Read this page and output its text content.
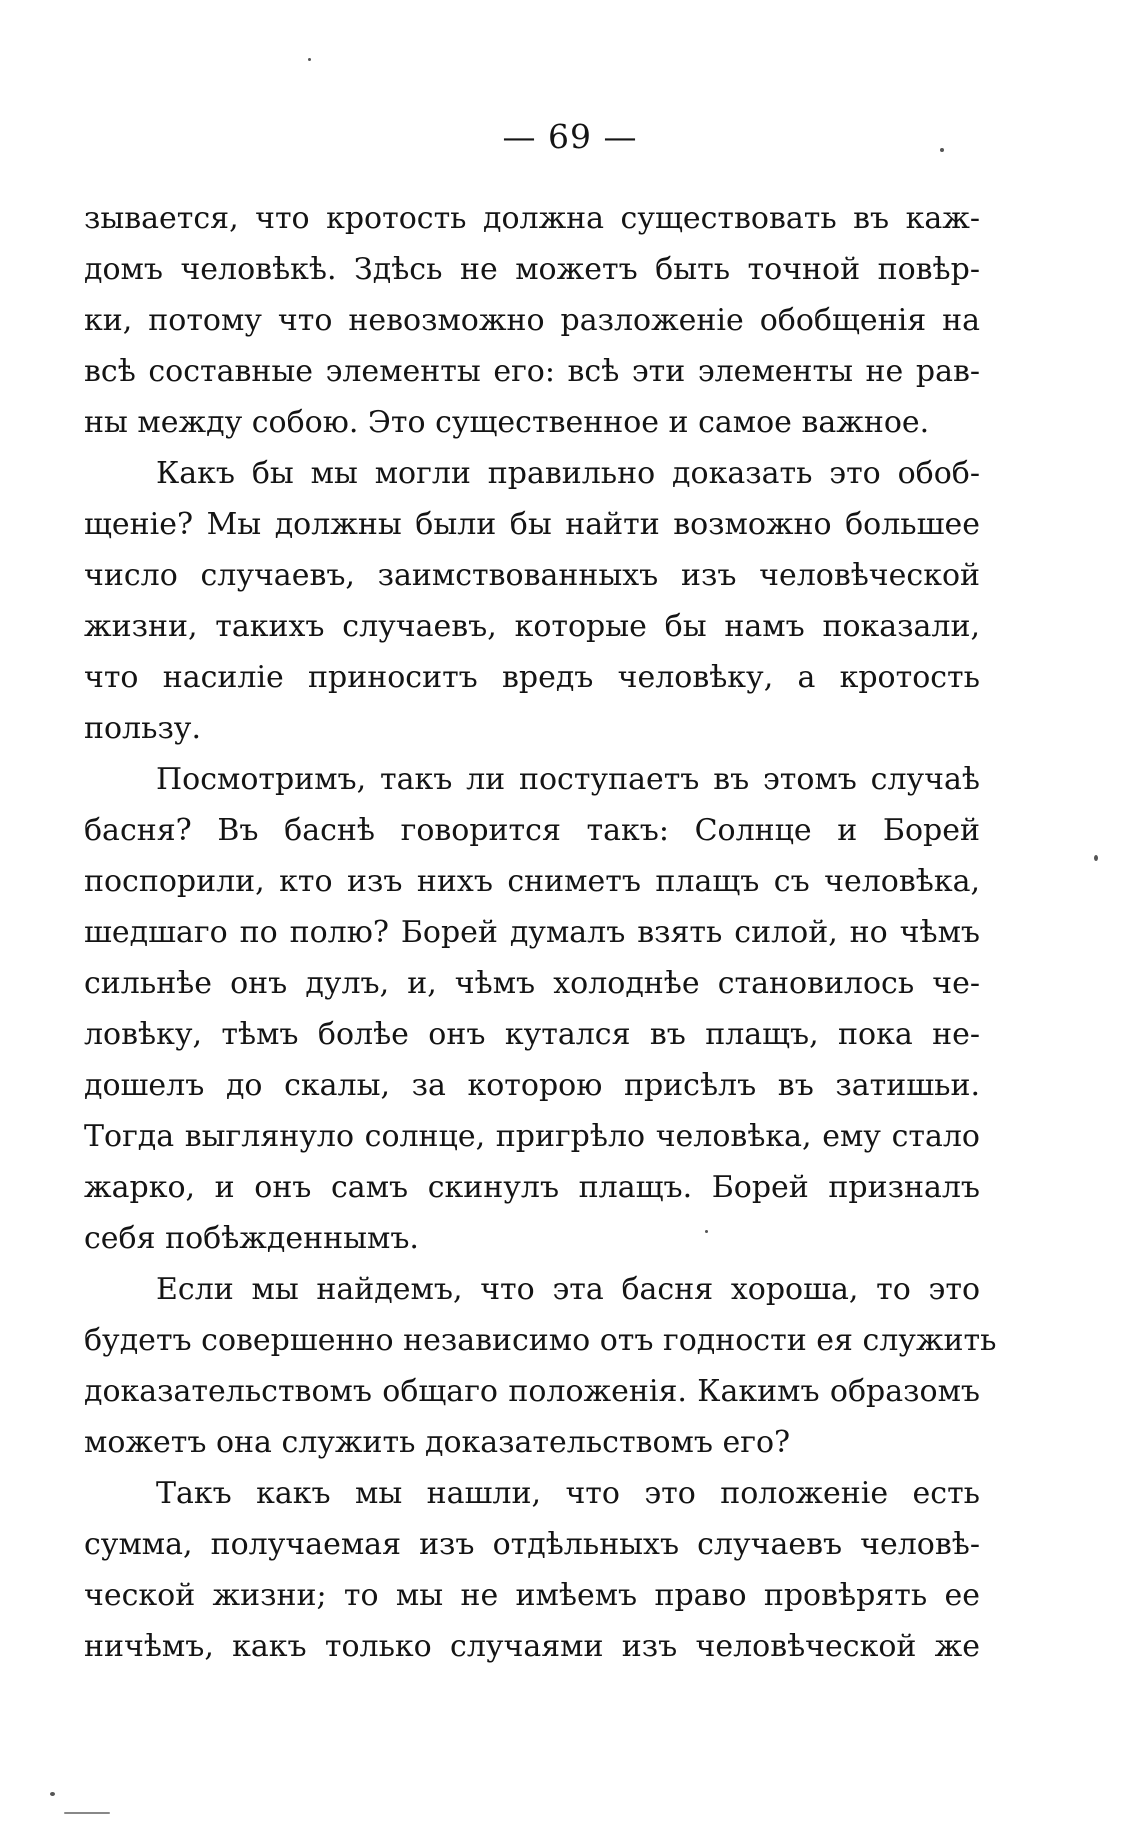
— 69 —
зывается, что кротость должна существовать въ каж-
домъ человѣкѣ. Здѣсь не можетъ быть точной повѣр-
ки, потому что невозможно разложеніе обобщенія на
всѣ составные элементы его: всѣ эти элементы не рав-
ны между собою. Это существенное и самое важное.
Какъ бы мы могли правильно доказать это обоб-
щеніе? Мы должны были бы найти возможно большее
число случаевъ, заимствованныхъ изъ человѣческой
жизни, такихъ случаевъ, которые бы намъ показали,
что насиліе приноситъ вредъ человѣку, а кротость
пользу.
Посмотримъ, такъ ли поступаетъ въ этомъ случаѣ
басня? Въ баснѣ говорится такъ: Солнце и Борей
поспорили, кто изъ нихъ сниметъ плащъ съ человѣка,
шедшаго по полю? Борей думалъ взять силой, но чѣмъ
сильнѣе онъ дулъ, и, чѣмъ холоднѣе становилось че-
ловѣку, тѣмъ болѣе онъ кутался въ плащъ, пока не-
дошелъ до скалы, за которою присѣлъ въ затишьи.
Тогда выглянуло солнце, пригрѣло человѣка, ему стало
жарко, и онъ самъ скинулъ плащъ. Борей призналъ
себя побѣжденнымъ.
Если мы найдемъ, что эта басня хороша, то это
будетъ совершенно независимо отъ годности ея служить
доказательствомъ общаго положенія. Какимъ образомъ
можетъ она служить доказательствомъ его?
Такъ какъ мы нашли, что это положеніе есть
сумма, получаемая изъ отдѣльныхъ случаевъ человѣ-
ческой жизни; то мы не имѣемъ право провѣрять ее
ничѣмъ, какъ только случаями изъ человѣческой же
